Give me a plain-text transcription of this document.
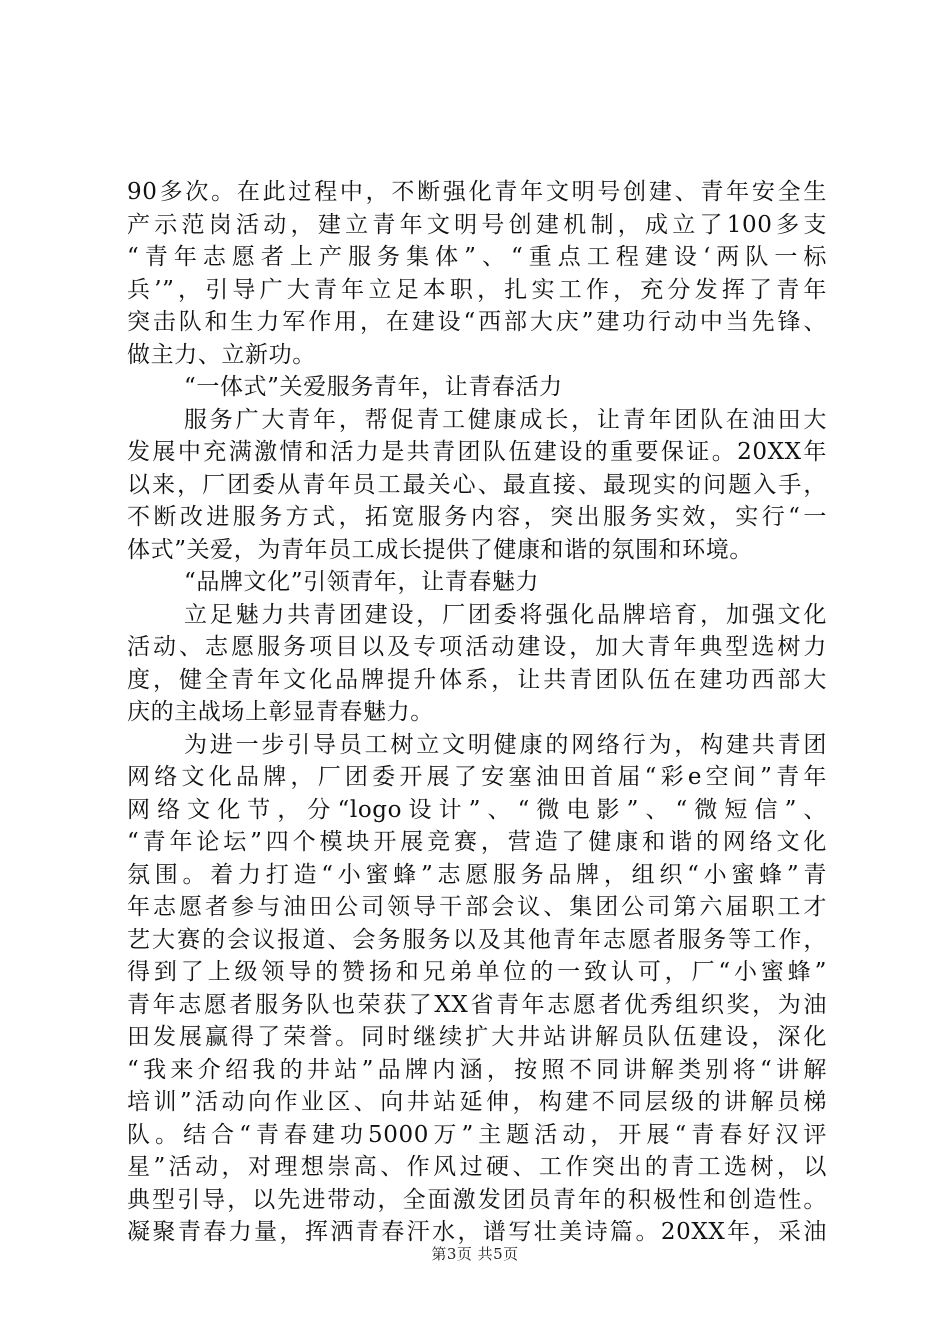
90多次。在此过程中，不断强化青年文明号创建、青年安全生
产示范岗活动，建立青年文明号创建机制，成立了100多支
“青年志愿者上产服务集体”、“重点工程建设‘两队一标
兵’”，引导广大青年立足本职，扎实工作，充分发挥了青年
突击队和生力军作用，在建设“西部大庆”建功行动中当先锋、
做主力、立新功。
“一体式”关爱服务青年，让青春活力
服务广大青年，帮促青工健康成长，让青年团队在油田大
发展中充满激情和活力是共青团队伍建设的重要保证。20XX年
以来，厂团委从青年员工最关心、最直接、最现实的问题入手，
不断改进服务方式，拓宽服务内容，突出服务实效，实行“一
体式”关爱，为青年员工成长提供了健康和谐的氛围和环境。
“品牌文化”引领青年，让青春魅力
立足魅力共青团建设，厂团委将强化品牌培育，加强文化
活动、志愿服务项目以及专项活动建设，加大青年典型选树力
度，健全青年文化品牌提升体系，让共青团队伍在建功西部大
庆的主战场上彰显青春魅力。
为进一步引导员工树立文明健康的网络行为，构建共青团
网络文化品牌，厂团委开展了安塞油田首届“彩e空间”青年
网络文化节，分“logo设计”、“微电影”、“微短信”、
“青年论坛”四个模块开展竞赛，营造了健康和谐的网络文化
氛围。着力打造“小蜜蜂”志愿服务品牌，组织“小蜜蜂”青
年志愿者参与油田公司领导干部会议、集团公司第六届职工才
艺大赛的会议报道、会务服务以及其他青年志愿者服务等工作，
得到了上级领导的赞扬和兄弟单位的一致认可，厂“小蜜蜂”
青年志愿者服务队也荣获了XX省青年志愿者优秀组织奖，为油
田发展赢得了荣誉。同时继续扩大井站讲解员队伍建设，深化
“我来介绍我的井站”品牌内涵，按照不同讲解类别将“讲解
培训”活动向作业区、向井站延伸，构建不同层级的讲解员梯
队。结合“青春建功5000万”主题活动，开展“青春好汉评
星”活动，对理想崇高、作风过硬、工作突出的青工选树，以
典型引导，以先进带动，全面激发团员青年的积极性和创造性。
凝聚青春力量，挥洒青春汗水，谱写壮美诗篇。20XX年，采油
第3页 共5页
